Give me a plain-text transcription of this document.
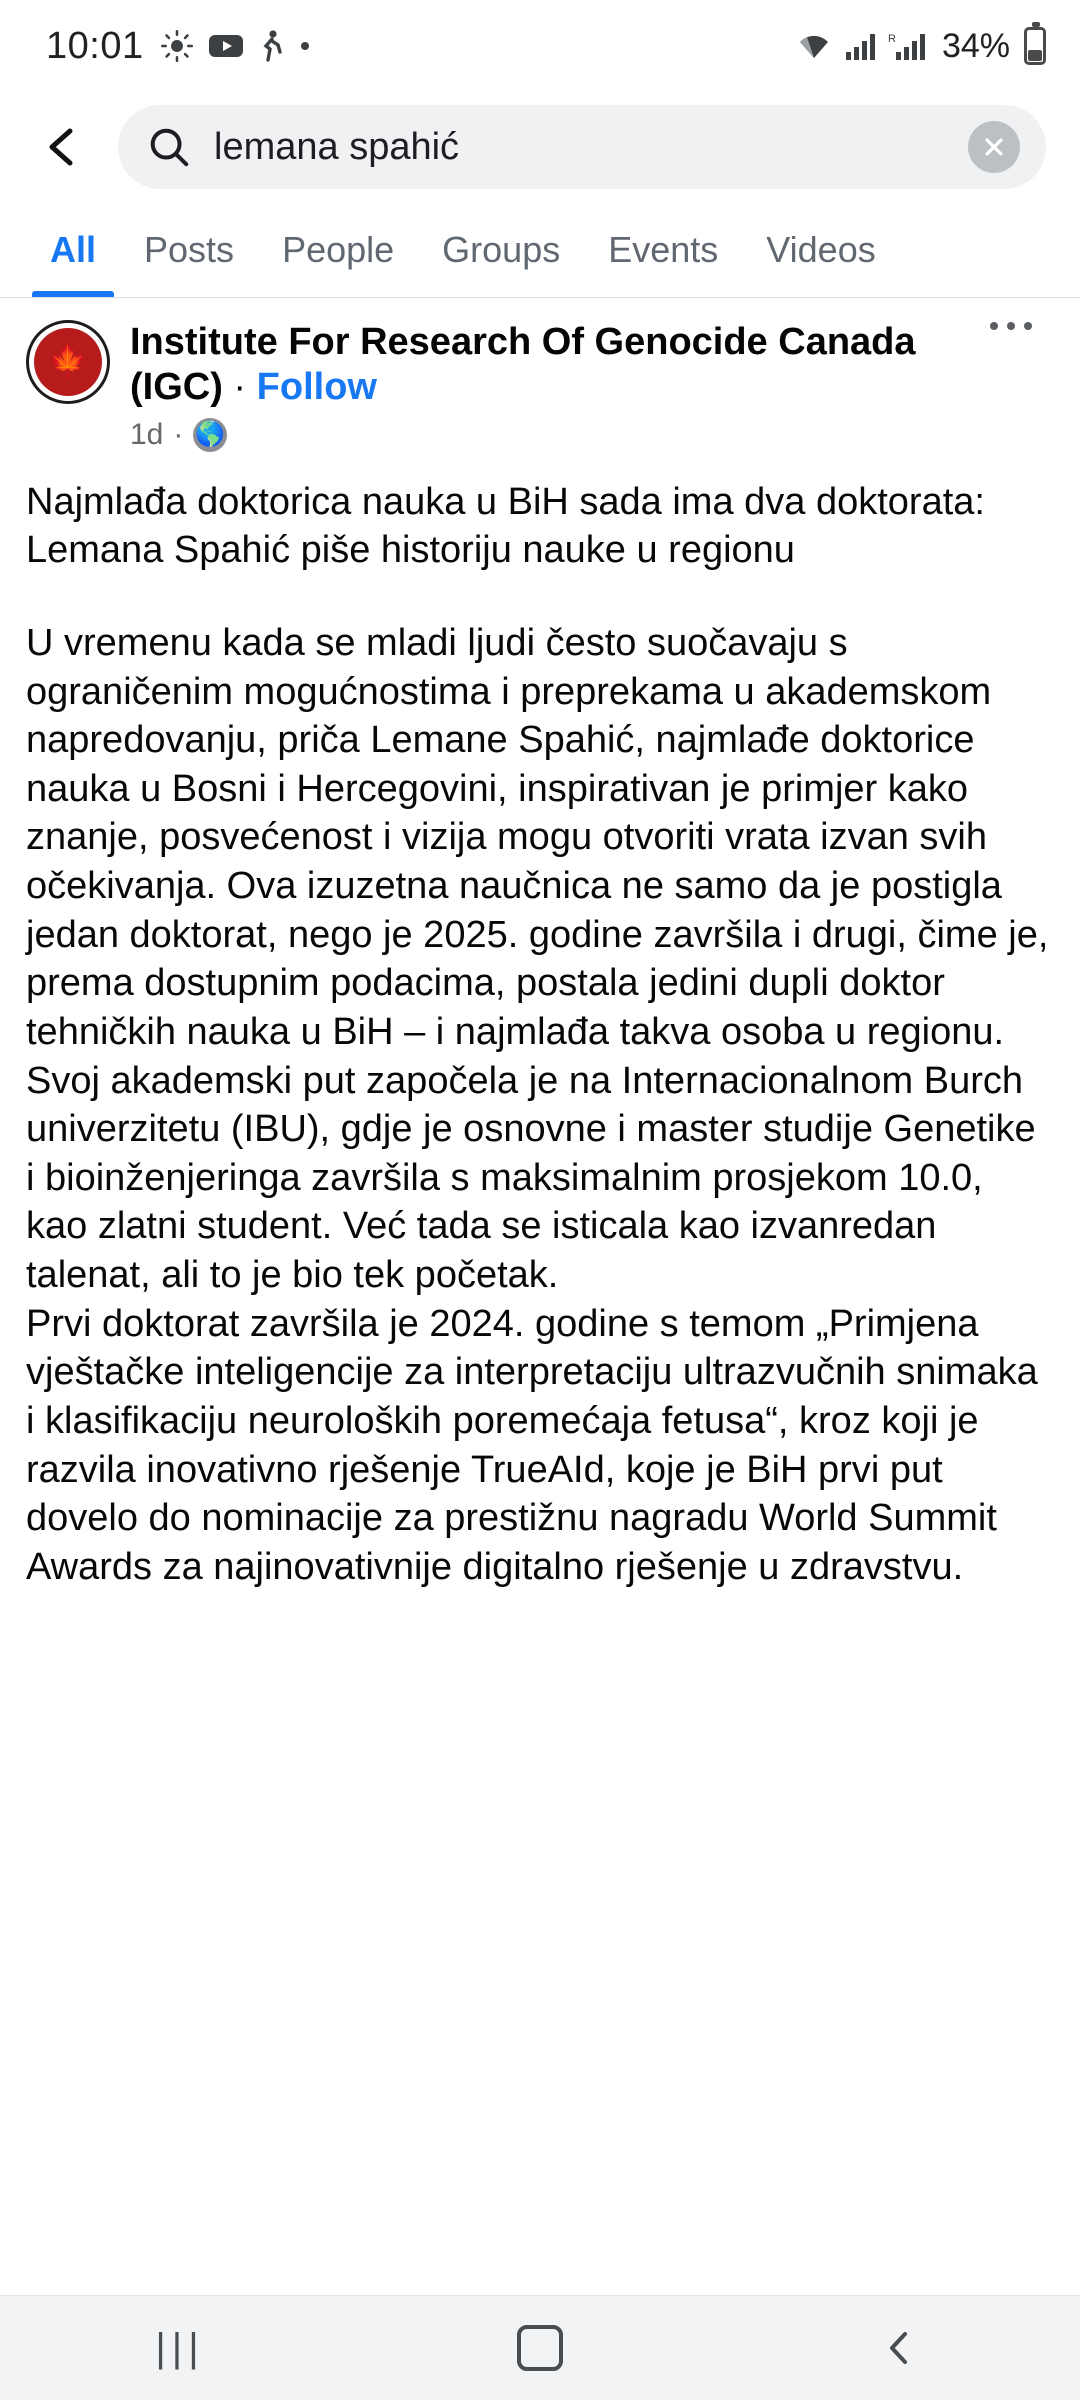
10:01	R 34%
lemana spahić
All	Posts	People	Groups	Events	Videos
🍁 Institute For Research Of Genocide Canada (IGC) · Follow
1d · 🌎

Najmlađa doktorica nauka u BiH sada ima dva doktorata: Lemana Spahić piše historiju nauke u regionu

U vremenu kada se mladi ljudi često suočavaju s ograničenim mogućnostima i preprekama u akademskom napredovanju, priča Lemane Spahić, najmlađe doktorice nauka u Bosni i Hercegovini, inspirativan je primjer kako znanje, posvećenost i vizija mogu otvoriti vrata izvan svih očekivanja. Ova izuzetna naučnica ne samo da je postigla jedan doktorat, nego je 2025. godine završila i drugi, čime je, prema dostupnim podacima, postala jedini dupli doktor tehničkih nauka u BiH – i najmlađa takva osoba u regionu.

Svoj akademski put započela je na Internacionalnom Burch univerzitetu (IBU), gdje je osnovne i master studije Genetike i bioinženjeringa završila s maksimalnim prosjekom 10.0, kao zlatni student. Već tada se isticala kao izvanredan talenat, ali to je bio tek početak.

Prvi doktorat završila je 2024. godine s temom „Primjena vještačke inteligencije za interpretaciju ultrazvučnih snimaka i klasifikaciju neuroloških poremećaja fetusa“, kroz koji je razvila inovativno rješenje TrueAId, koje je BiH prvi put dovelo do nominacije za prestižnu nagradu World Summit Awards za najinovativnije digitalno rješenje u zdravstvu.

|||
